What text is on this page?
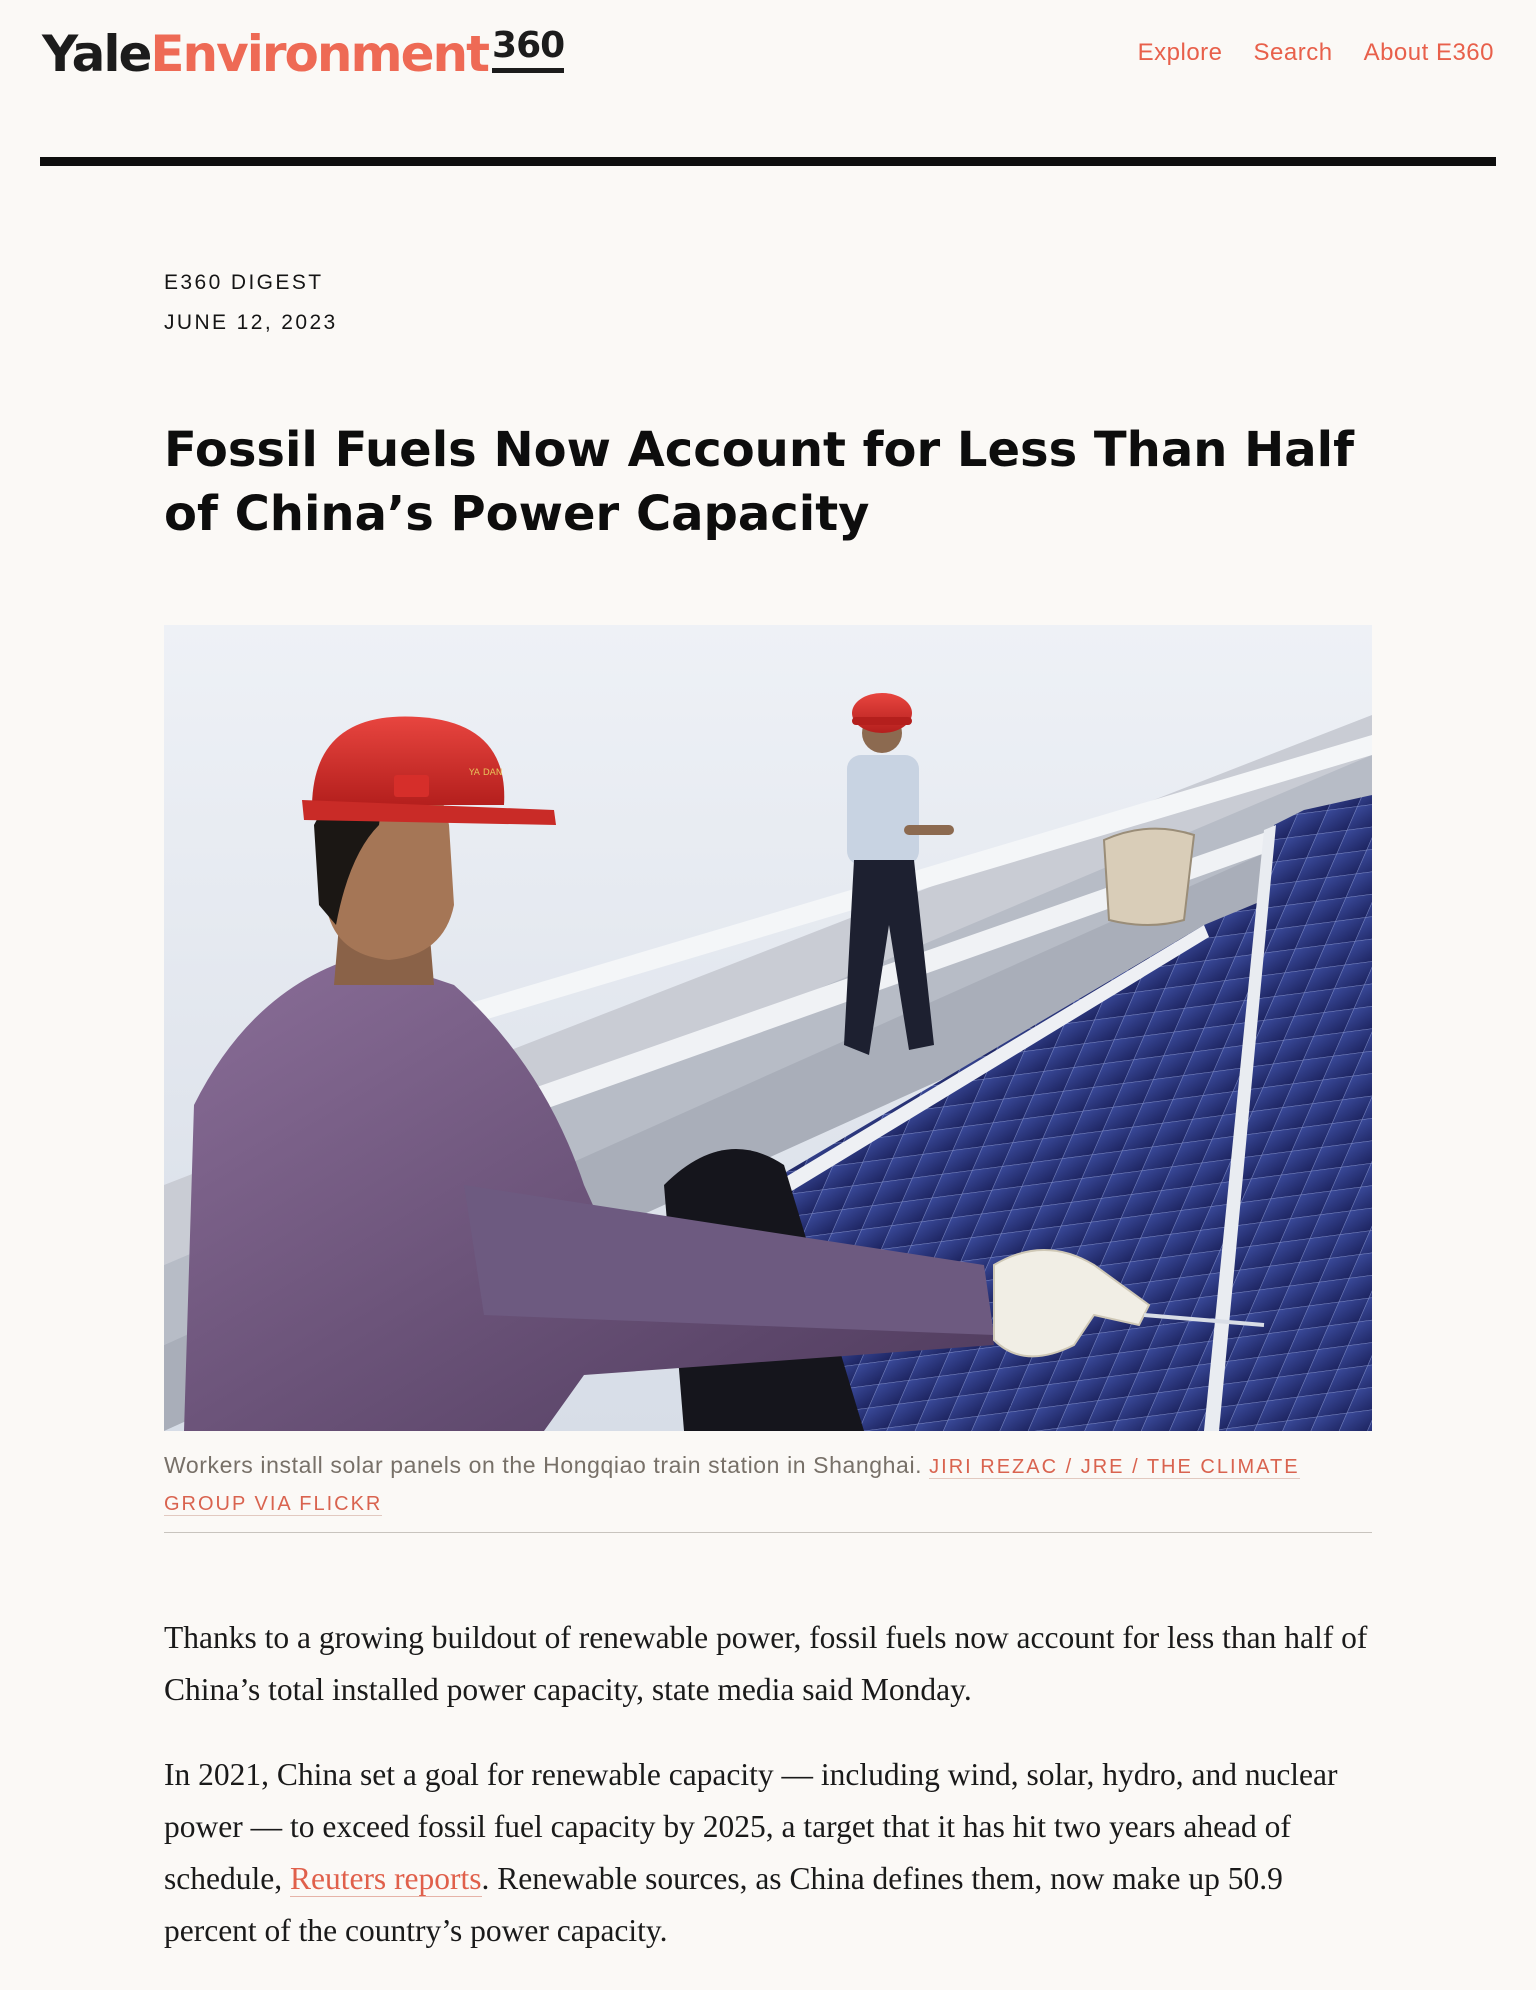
Yale Environment 360	Explore Search About E360
E360 DIGEST
JUNE 12, 2023
Fossil Fuels Now Account for Less Than Half of China’s Power Capacity
YA DAN
Workers install solar panels on the Hongqiao train station in Shanghai. JIRI REZAC / JRE / THE CLIMATE GROUP VIA FLICKR

Thanks to a growing buildout of renewable power, fossil fuels now account for less than half of China’s total installed power capacity, state media said Monday.

In 2021, China set a goal for renewable capacity — including wind, solar, hydro, and nuclear power — to exceed fossil fuel capacity by 2025, a target that it has hit two years ahead of schedule, Reuters reports. Renewable sources, as China defines them, now make up 50.9 percent of the country’s power capacity.
